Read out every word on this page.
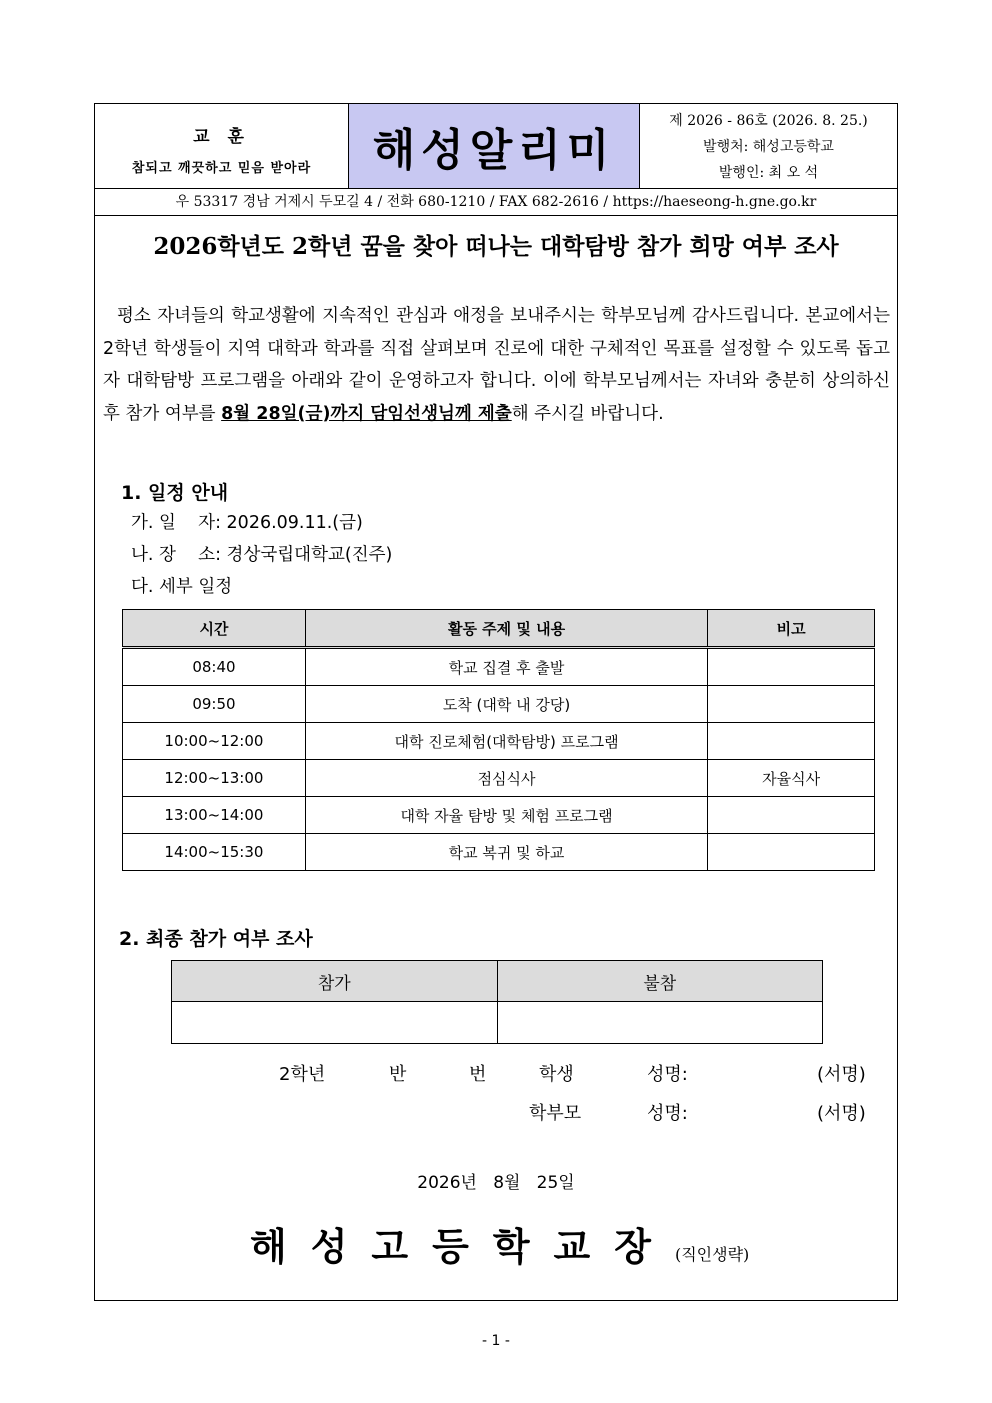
교 훈
참되고 깨끗하고 믿음 받아라	해성알리미
제 2026 - 86호 (2026. 8. 25.)
발행처: 해성고등학교
발행인: 최 오 석
우 53317 경남 거제시 두모길 4 / 전화 680-1210 / FAX 682-2616 / https://haeseong-h.gne.go.kr
2026학년도 2학년 꿈을 찾아 떠나는 대학탐방 참가 희망 여부 조사
평소 자녀들의 학교생활에 지속적인 관심과 애정을 보내주시는 학부모님께 감사드립니다. 본교에서는 2학년 학생들이 지역 대학과 학과를 직접 살펴보며 진로에 대한 구체적인 목표를 설정할 수 있도록 돕고자 대학탐방 프로그램을 아래와 같이 운영하고자 합니다. 이에 학부모님께서는 자녀와 충분히 상의하신 후 참가 여부를 8월 28일(금)까지 담임선생님께 제출해 주시길 바랍니다.
1. 일정 안내
가. 일    자: 2026.09.11.(금)
나. 장    소: 경상국립대학교(진주)
다. 세부 일정
시간	활동 주제 및 내용	비고
08:40	학교 집결 후 출발	
09:50	도착 (대학 내 강당)	
10:00~12:00	대학 진로체험(대학탐방) 프로그램	
12:00~13:00	점심식사	자율식사
13:00~14:00	대학 자율 탐방 및 체험 프로그램	
14:00~15:30	학교 복귀 및 하교	
2. 최종 참가 여부 조사
참가	불참

2학년	반	번	학생	성명:	(서명)
학부모	성명:	(서명)
2026년   8월   25일
해성고등학교장(직인생략)
- 1 -
